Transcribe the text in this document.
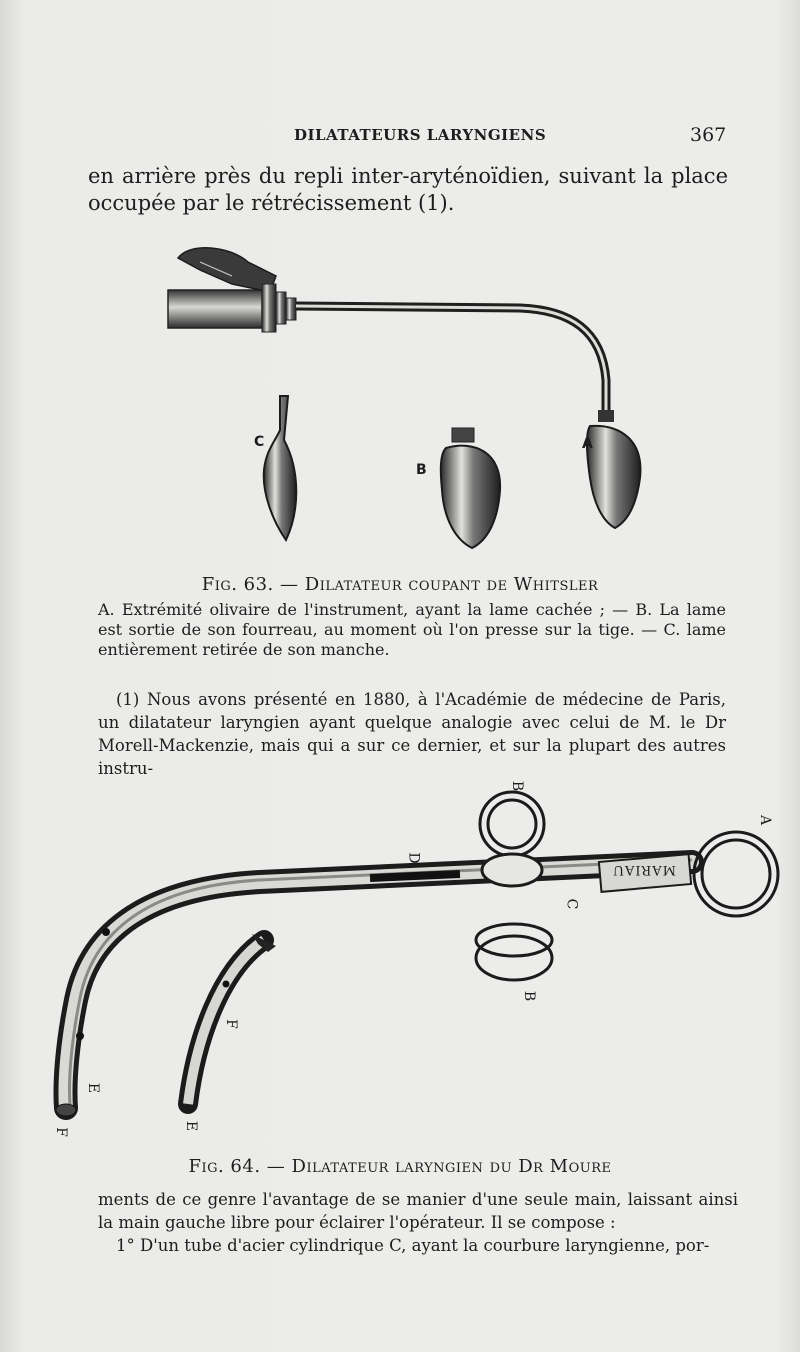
DILATATEURS LARYNGIENS	367
en arrière près du repli inter-aryténoïdien, suivant la place occupée par le rétrécissement (1).
A
B
C
Fig. 63. — Dilatateur coupant de Whitsler
A. Extrémité olivaire de l'instrument, ayant la lame cachée ; — B. La lame est sortie de son fourreau, au moment où l'on presse sur la tige. — C. lame entièrement retirée de son manche.

(1) Nous avons présenté en 1880, à l'Académie de médecine de Paris, un dilatateur laryngien ayant quelque analogie avec celui de M. le Dr Morell-Mackenzie, mais qui a sur ce dernier, et sur la plupart des autres instru-

MARIAU
A
B
B
C
D
E
E
F
F
Fig. 64. — Dilatateur laryngien du Dr Moure

ments de ce genre l'avantage de se manier d'une seule main, laissant ainsi la main gauche libre pour éclairer l'opérateur. Il se compose :

1° D'un tube d'acier cylindrique C, ayant la courbure laryngienne, por-
